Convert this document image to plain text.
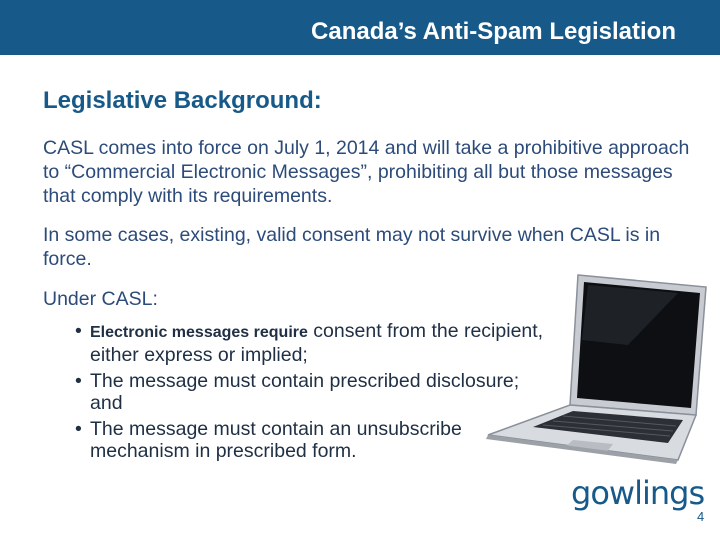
Canada’s Anti-Spam Legislation
Legislative Background:

CASL comes into force on July 1, 2014 and will take a prohibitive approach to “Commercial Electronic Messages”, prohibiting all but those messages that comply with its requirements.

In some cases, existing, valid consent may not survive when CASL is in force.

Under CASL:

• Electronic messages require consent from the recipient, either express or implied;
• The message must contain prescribed disclosure; and
• The message must contain an unsubscribe mechanism in prescribed form.
gowlings
4
